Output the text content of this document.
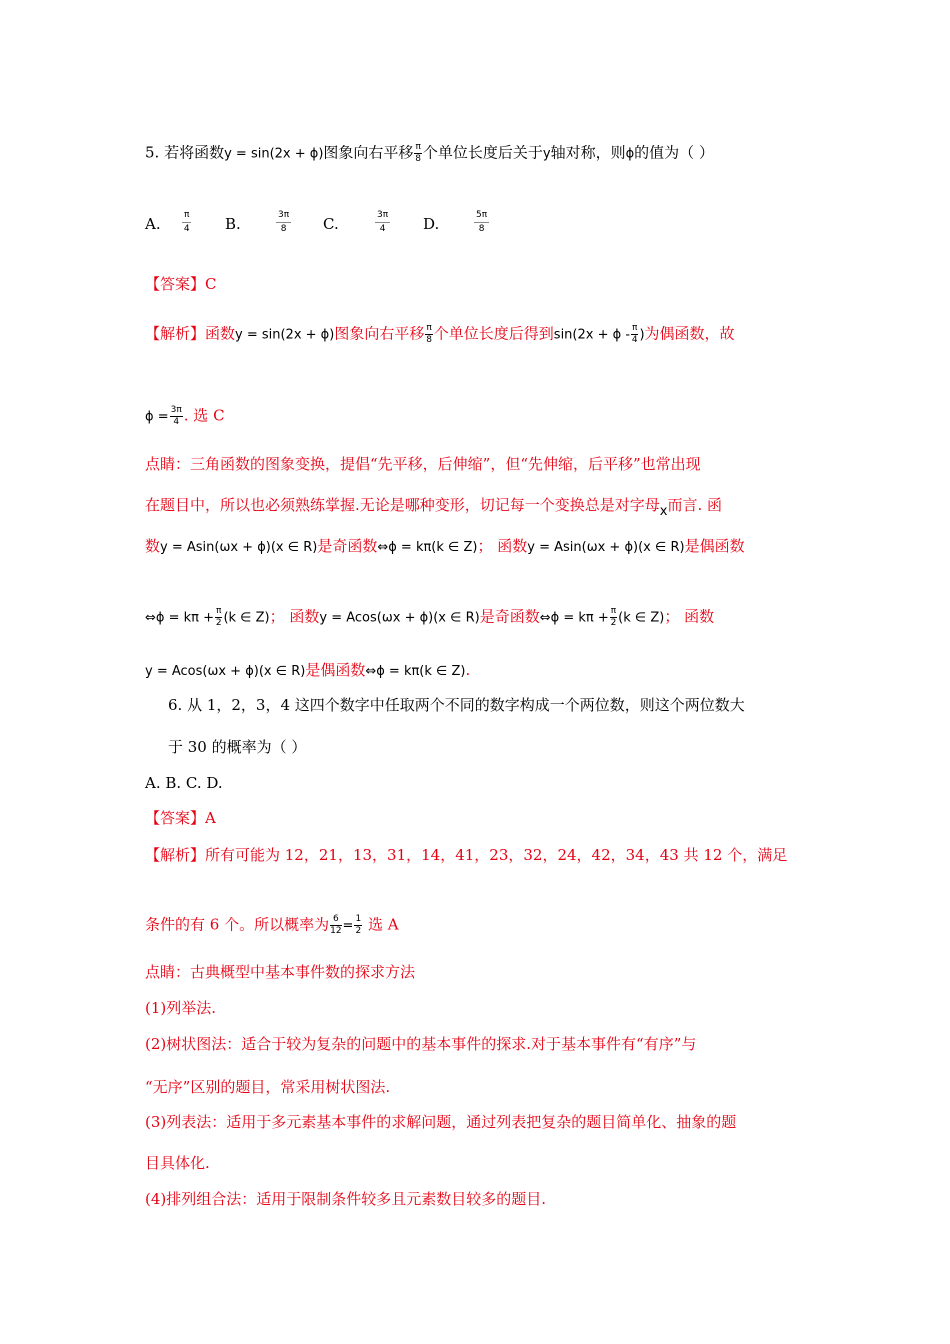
5. 若将函数y = sin(2x + ϕ)图象向右平移 $\frac{\pi}{8}$ 个单位长度后关于y轴对称，则ϕ的值为（ ）
A. $\frac{\pi}{4} B$.	$\frac{3\pi}{8} C$.	$\frac{3\pi}{4} D$.	$\frac{5\pi}{8}$
【答案】C
【解析】函数y = sin(2x + ϕ)图象向右平移 $\frac{\pi}{8}$ 个单位长度后得到$\sin(2x + \phi - \frac{\pi}{4}$ )为偶函数，故
$\phi = \frac{3\pi}{4}$ . 选 C
点睛：三角函数的图象变换，提倡“先平移，后伸缩”，但“先伸缩，后平移”也常出现
在题目中，所以也必须熟练掌握.无论是哪种变形，切记每一个变换总是对字母x而言. 函
数y = Asin(ωx + ϕ)(x ∈ R)是奇函数⇔ϕ = kπ(k ∈ Z)； 函数y = Asin(ωx + ϕ)(x ∈ R)是偶函数
⇔ϕ = $k\pi + \frac{\pi}{2} (k$ ∈ Z)； 函数y = Acos(ωx + ϕ)(x ∈ R)是奇函数⇔ϕ = $k\pi + \frac{\pi}{2} (k$ ∈ Z)； 函数
y = Acos(ωx + ϕ)(x ∈ R)是偶函数⇔ϕ = kπ(k ∈ Z).
6. 从 1，2，3，4 这四个数字中任取两个不同的数字构成一个两位数，则这个两位数大
于 30 的概率为（ ）
A. B. C. D.
【答案】A
【解析】所有可能为 12，21，13，31，14，41，23，32，24，42，34，43 共 12 个，满足
条件的有 6 个。所以概率为 $\frac{6}{12} = \frac{1}{2}$ 选 A
点睛：古典概型中基本事件数的探求方法
(1)列举法.
(2)树状图法：适合于较为复杂的问题中的基本事件的探求.对于基本事件有“有序”与
“无序”区别的题目，常采用树状图法.
(3)列表法：适用于多元素基本事件的求解问题，通过列表把复杂的题目简单化、抽象的题
目具体化.
(4)排列组合法：适用于限制条件较多且元素数目较多的题目.
